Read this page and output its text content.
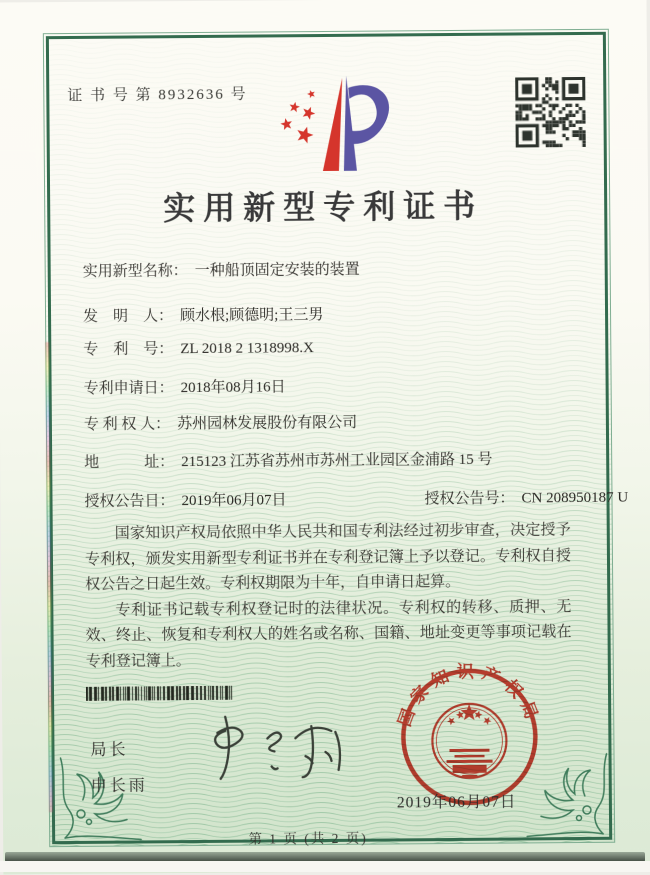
证 书 号 第 8932636 号
实用新型专利证书
实用新型名称： 一种船顶固定安装的装置
发　明　人： 顾水根;顾德明;王三男
专　利　号： ZL 2018 2 1318998.X
专利申请日： 2018年08月16日
专 利 权 人： 苏州园林发展股份有限公司
地　　　址： 215123 江苏省苏州市苏州工业园区金浦路 15 号
授权公告日： 2019年06月07日	授权公告号： CN 208950187 U

国家知识产权局依照中华人民共和国专利法经过初步审查，决定授予专利权，颁发实用新型专利证书并在专利登记簿上予以登记。专利权自授权公告之日起生效。专利权期限为十年，自申请日起算。

专利证书记载专利权登记时的法律状况。专利权的转移、质押、无效、终止、恢复和专利权人的姓名或名称、国籍、地址变更等事项记载在专利登记簿上。

局长
申长雨
国家知识产权局
2019年06月07日
第 1 页 (共 2 页)
